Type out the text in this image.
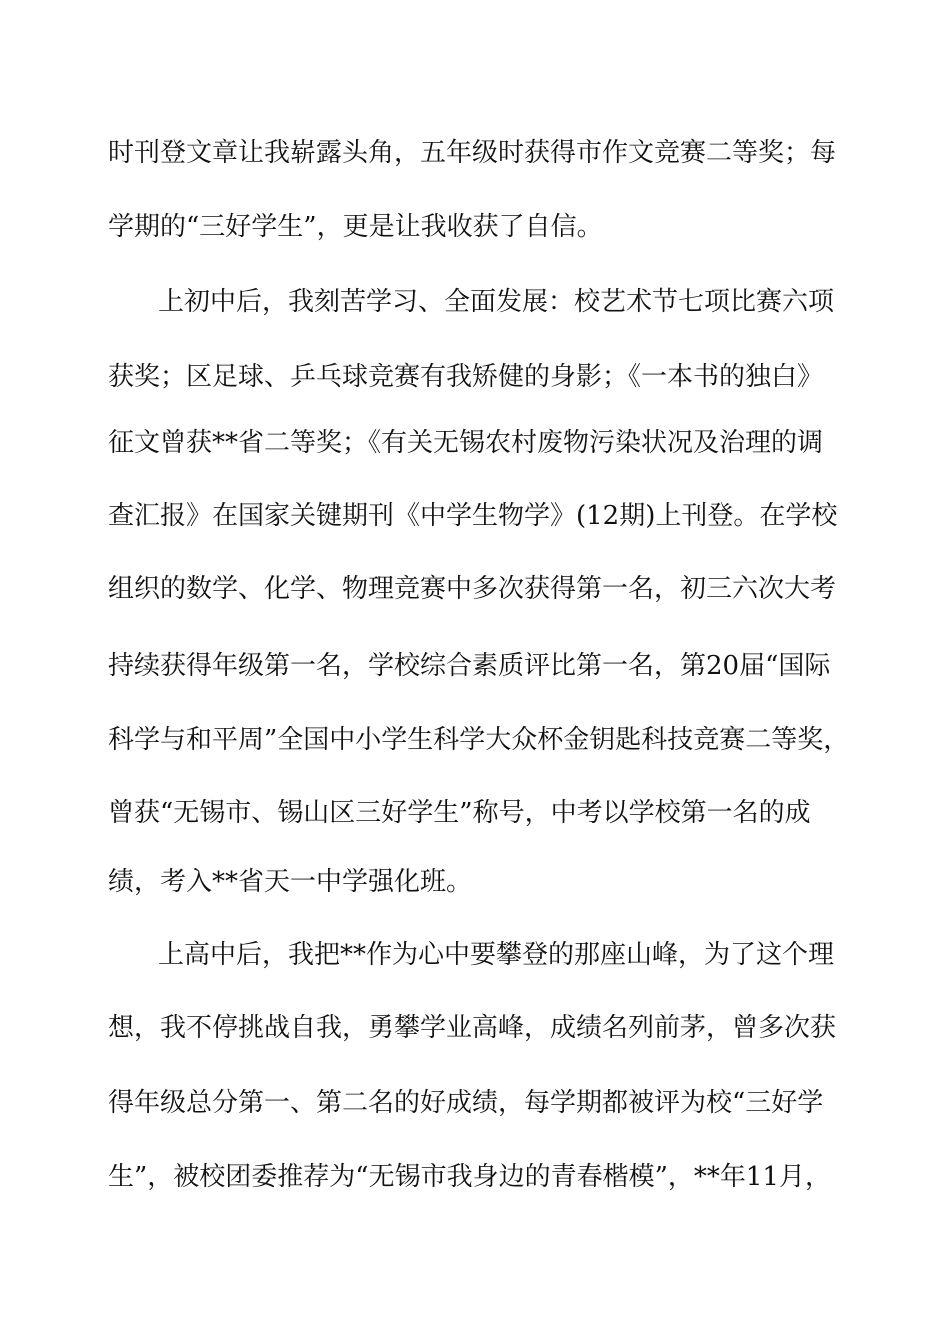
时刊登文章让我崭露头角，五年级时获得市作文竞赛二等奖；每
学期的“三好学生”，更是让我收获了自信。
上初中后，我刻苦学习、全面发展：校艺术节七项比赛六项
获奖；区足球、乒乓球竞赛有我矫健的身影；《一本书的独白》
征文曾获**省二等奖；《有关无锡农村废物污染状况及治理的调
查汇报》在国家关键期刊《中学生物学》(12期)上刊登。在学校
组织的数学、化学、物理竞赛中多次获得第一名，初三六次大考
持续获得年级第一名，学校综合素质评比第一名，第20届“国际
科学与和平周”全国中小学生科学大众杯金钥匙科技竞赛二等奖，
曾获“无锡市、锡山区三好学生”称号，中考以学校第一名的成
绩，考入**省天一中学强化班。
上高中后，我把**作为心中要攀登的那座山峰，为了这个理
想，我不停挑战自我，勇攀学业高峰，成绩名列前茅，曾多次获
得年级总分第一、第二名的好成绩，每学期都被评为校“三好学
生”，被校团委推荐为“无锡市我身边的青春楷模”，**年11月，
